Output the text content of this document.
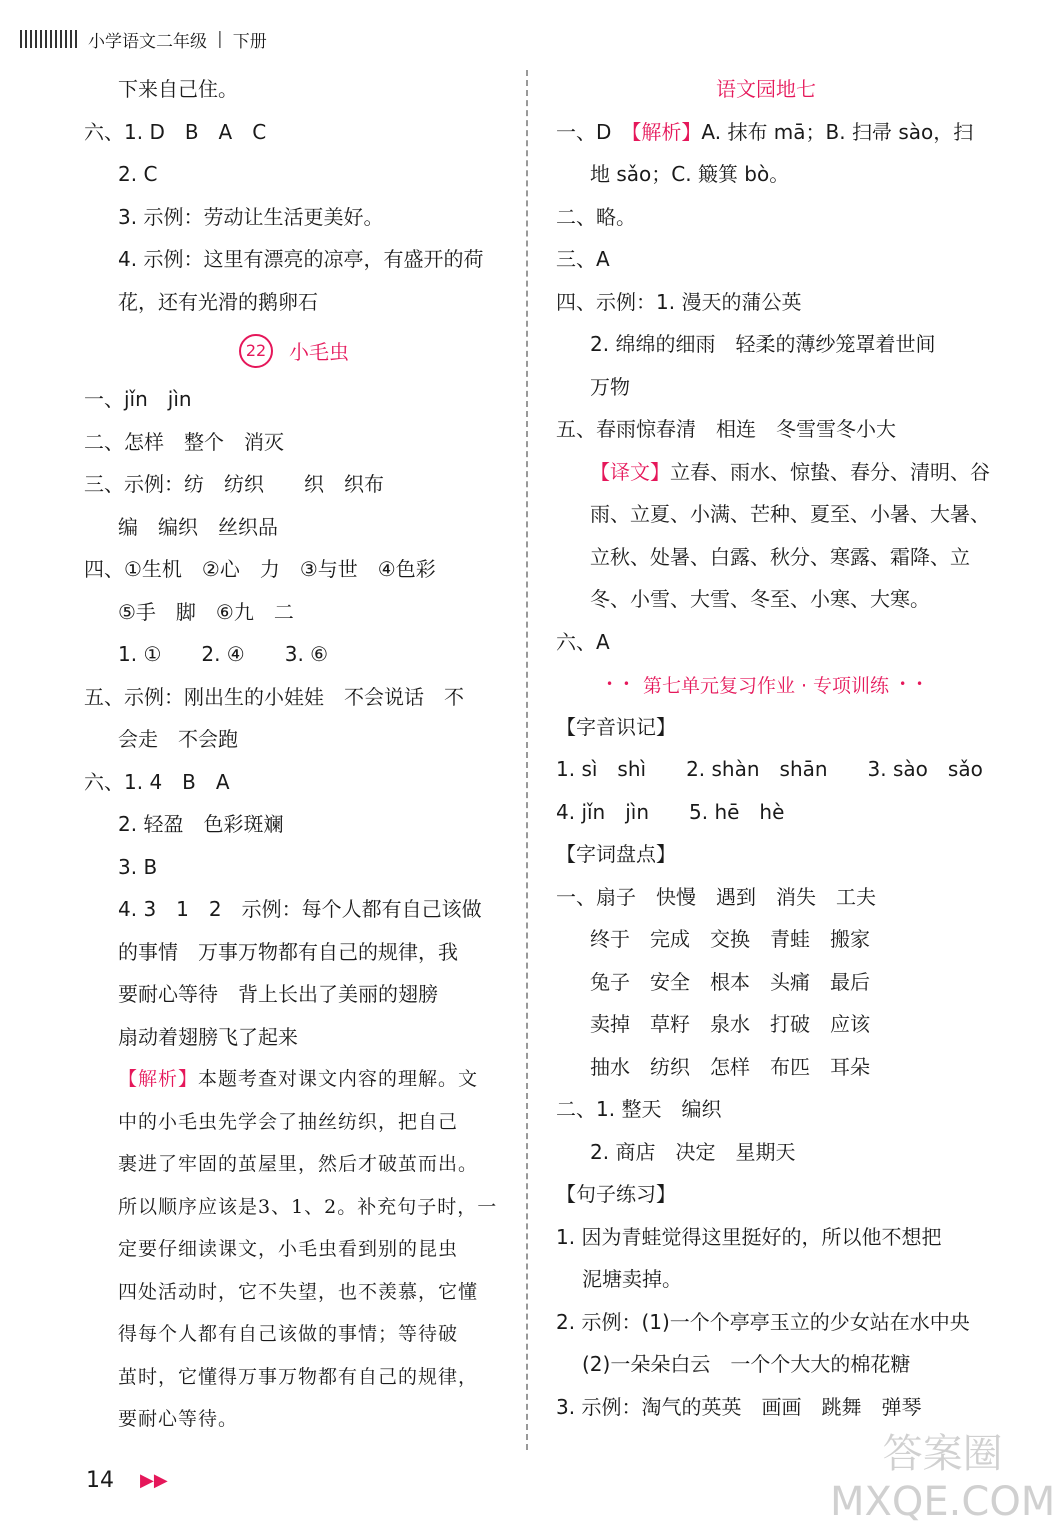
小学语文二年级 | 下册
下来自己住。
六、1. D　B　A　C
2. C
3. 示例：劳动让生活更美好。
4. 示例：这里有漂亮的凉亭，有盛开的荷
花，还有光滑的鹅卵石
22	小毛虫
一、jǐn　jìn
二、怎样　整个　消灭
三、示例：纺　纺织　　织　织布
编　编织　丝织品
四、①生机　②心　力　③与世　④色彩
⑤手　脚　⑥九　二
1. ①　　2. ④　　3. ⑥
五、示例：刚出生的小娃娃　不会说话　不
会走　不会跑
六、1. 4　B　A
2. 轻盈　色彩斑斓
3. B
4. 3　1　2　示例：每个人都有自己该做
的事情　万事万物都有自己的规律，我
要耐心等待　背上长出了美丽的翅膀
扇动着翅膀飞了起来
【解析】本题考查对课文内容的理解。文
中的小毛虫先学会了抽丝纺织，把自己
裹进了牢固的茧屋里，然后才破茧而出。
所以顺序应该是3、1、2。补充句子时，一
定要仔细读课文，小毛虫看到别的昆虫
四处活动时，它不失望，也不羡慕，它懂
得每个人都有自己该做的事情；等待破
茧时，它懂得万事万物都有自己的规律，
要耐心等待。
语文园地七
一、D　【解析】A. 抹布 mā；B. 扫帚 sào，扫
地 sǎo；C. 簸箕 bò。
二、略。
三、A
四、示例：1. 漫天的蒲公英
2. 绵绵的细雨　轻柔的薄纱笼罩着世间
万物
五、春雨惊春清　相连　冬雪雪冬小大
【译文】立春、雨水、惊蛰、春分、清明、谷
雨、立夏、小满、芒种、夏至、小暑、大暑、
立秋、处暑、白露、秋分、寒露、霜降、立
冬、小雪、大雪、冬至、小寒、大寒。
六、A
• • 第七单元复习作业 · 专项训练 • •
【字音识记】
1. sì　shì　　2. shàn　shān　　3. sào　sǎo
4. jǐn　jìn　　5. hē　hè
【字词盘点】
一、扇子　快慢　遇到　消失　工夫
终于　完成　交换　青蛙　搬家
兔子　安全　根本　头痛　最后
卖掉　草籽　泉水　打破　应该
抽水　纺织　怎样　布匹　耳朵
二、1. 整天　编织
2. 商店　决定　星期天
【句子练习】
1. 因为青蛙觉得这里挺好的，所以他不想把
泥塘卖掉。
2. 示例：(1)一个个亭亭玉立的少女站在水中央
(2)一朵朵白云　一个个大大的棉花糖
3. 示例：淘气的英英　画画　跳舞　弹琴
14 ▶▶
答案圈
MXQE.COM
